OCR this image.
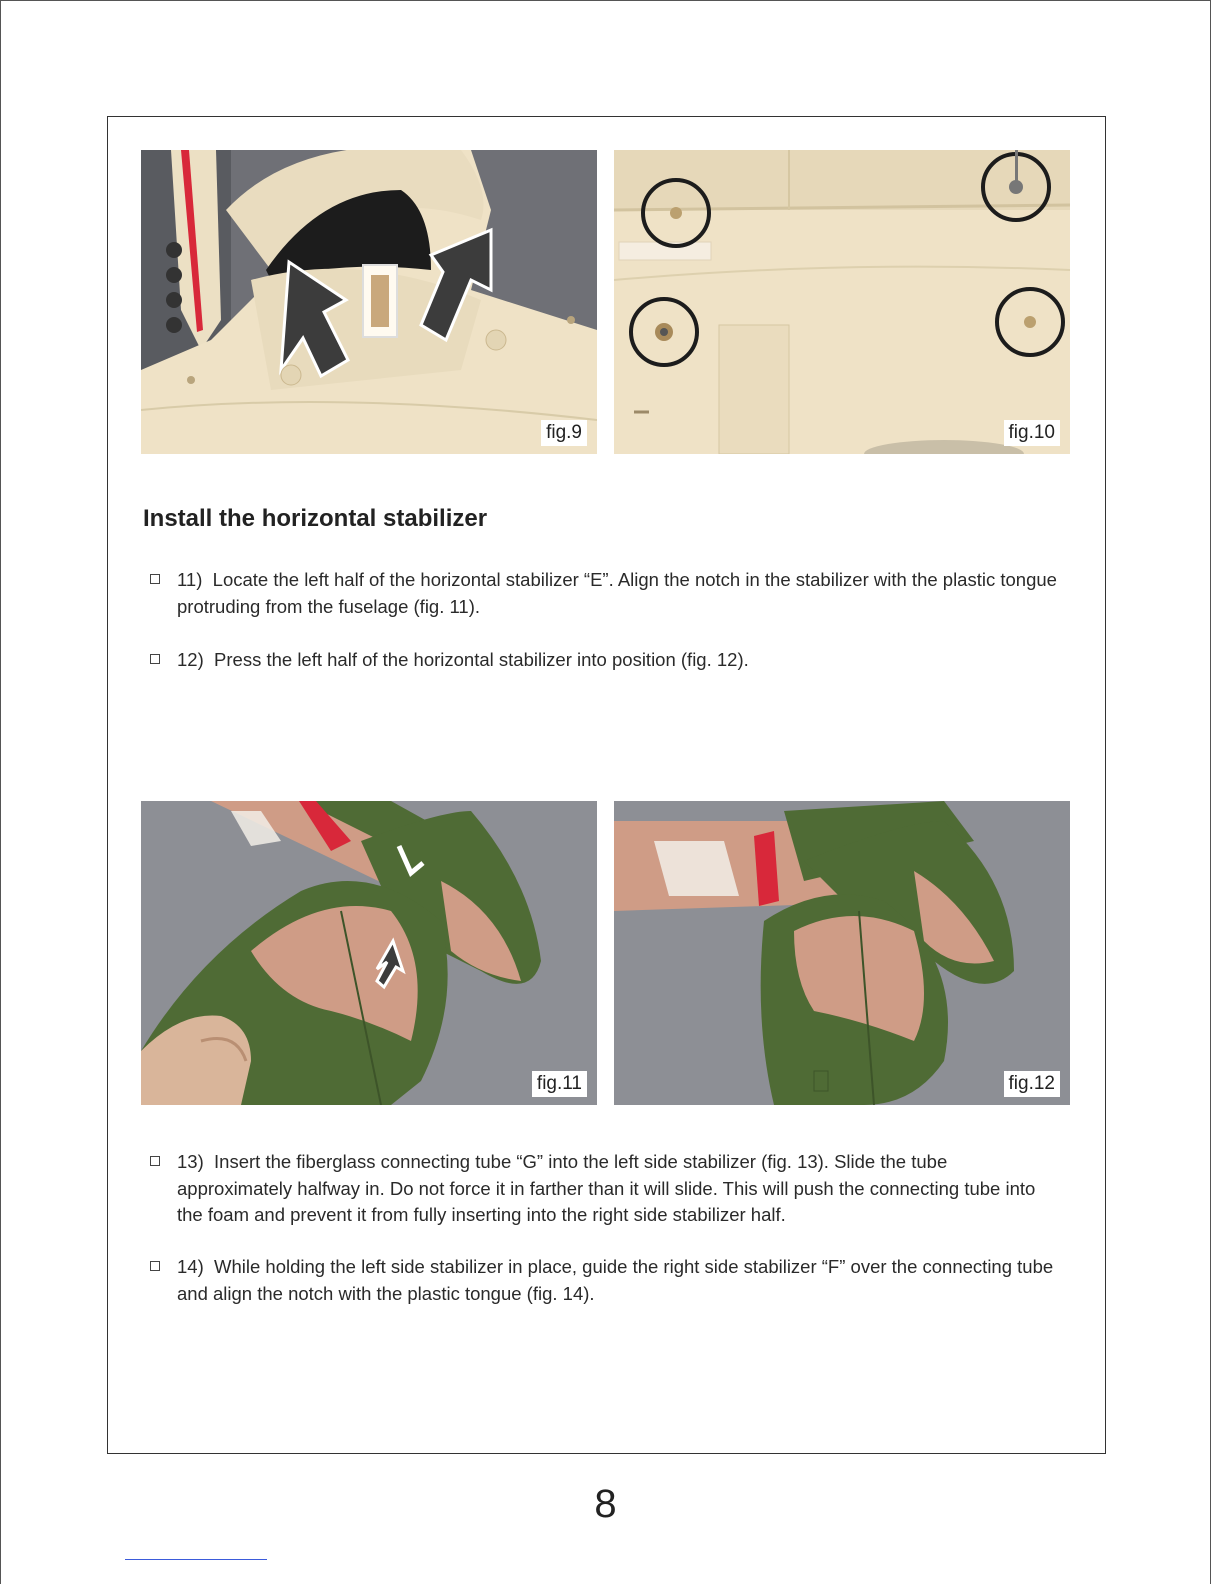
fig.9	fig.10
Install the horizontal stabilizer
11) Locate the left half of the horizontal stabilizer “E”. Align the notch in the stabilizer with the plastic tongue protruding from the fuselage (fig. 11).
12) Press the left half of the horizontal stabilizer into position (fig. 12).
fig.11	fig.12
13) Insert the fiberglass connecting tube “G” into the left side stabilizer (fig. 13). Slide the tube approximately halfway in. Do not force it in farther than it will slide. This will push the connecting tube into the foam and prevent it from fully inserting into the right side stabilizer half.
14) While holding the left side stabilizer in place, guide the right side stabilizer “F” over the connecting tube and align the notch with the plastic tongue (fig. 14).
8
